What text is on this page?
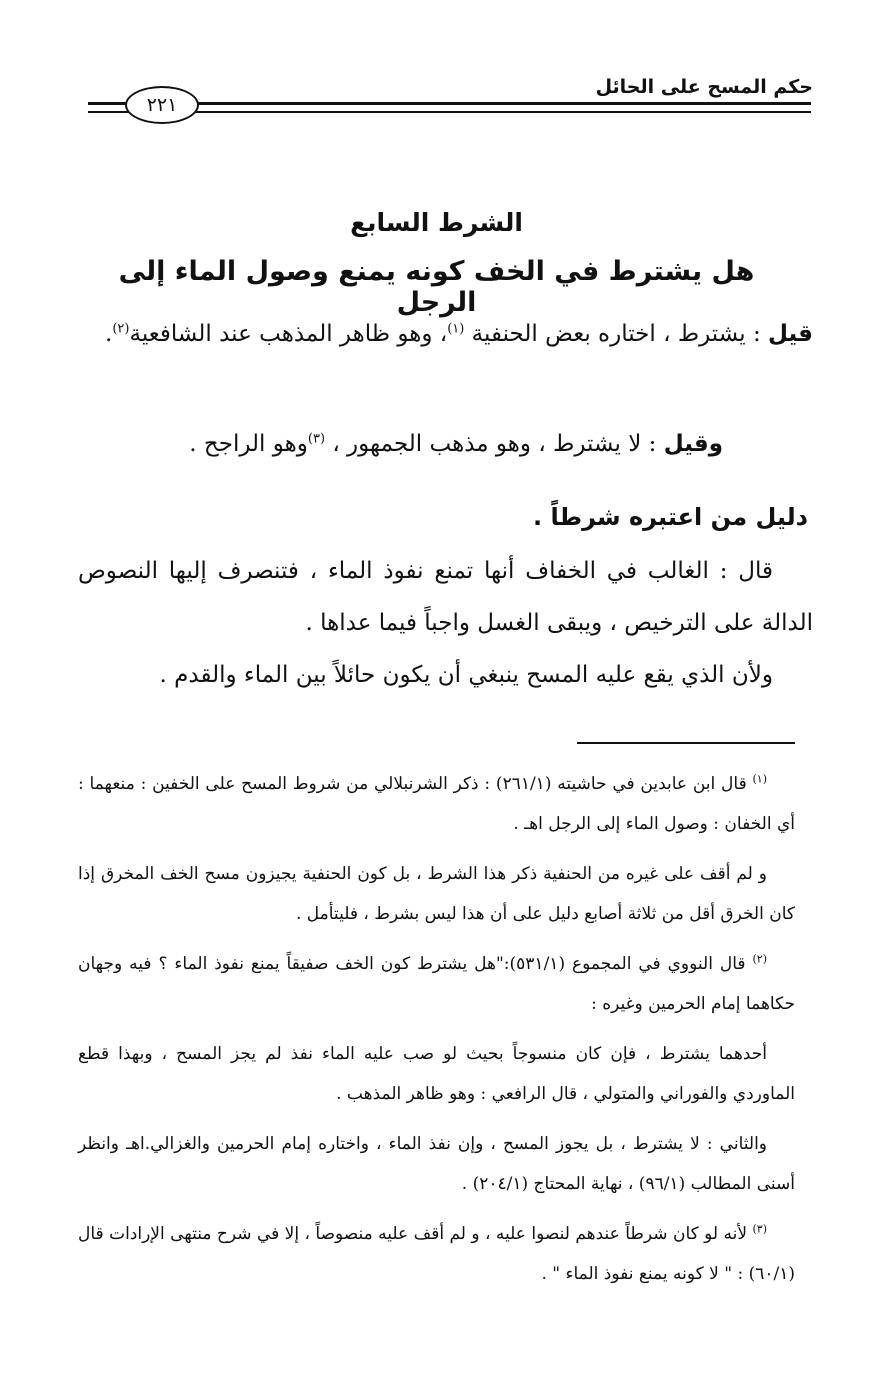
حكم المسح على الحائل
٢٢١
الشرط السابع
هل يشترط في الخف كونه يمنع وصول الماء إلى الرجل
قيل : يشترط ، اختاره بعض الحنفية $^{(١)}$، وهو ظاهر المذهب عند الشافعية$^{(٢)}$.
وقيل : لا يشترط ، وهو مذهب الجمهور ، $^{(٣)}$وهو الراجح .
دليل من اعتبره شرطاً .
قال : الغالب في الخفاف أنها تمنع نفوذ الماء ، فتنصرف إليها النصوص الدالة على الترخيص ، ويبقى الغسل واجباً فيما عداها .
ولأن الذي يقع عليه المسح ينبغي أن يكون حائلاً بين الماء والقدم .
$^{(١)}$ قال ابن عابدين في حاشيته (٢٦١/١) : ذكر الشرنبلالي من شروط المسح على الخفين : منعهما : أي الخفان : وصول الماء إلى الرجل اهـ .
و لم أقف على غيره من الحنفية ذكر هذا الشرط ، بل كون الحنفية يجيزون مسح الخف المخرق إذا كان الخرق أقل من ثلاثة أصابع دليل على أن هذا ليس بشرط ، فليتأمل .
$^{(٢)}$ قال النووي في المجموع (٥٣١/١):"هل يشترط كون الخف صفيقاً يمنع نفوذ الماء ؟ فيه وجهان حكاهما إمام الحرمين وغيره :
أحدهما يشترط ، فإن كان منسوجاً بحيث لو صب عليه الماء نفذ لم يجز المسح ، وبهذا قطع الماوردي والفوراني والمتولي ، قال الرافعي : وهو ظاهر المذهب .
والثاني : لا يشترط ، بل يجوز المسح ، وإن نفذ الماء ، واختاره إمام الحرمين والغزالي.اهـ وانظر أسنى المطالب (٩٦/١) ، نهاية المحتاج (٢٠٤/١) .
$^{(٣)}$ لأنه لو كان شرطاً عندهم لنصوا عليه ، و لم أقف عليه منصوصاً ، إلا في شرح منتهى الإرادات قال (٦٠/١) : " لا كونه يمنع نفوذ الماء " .
